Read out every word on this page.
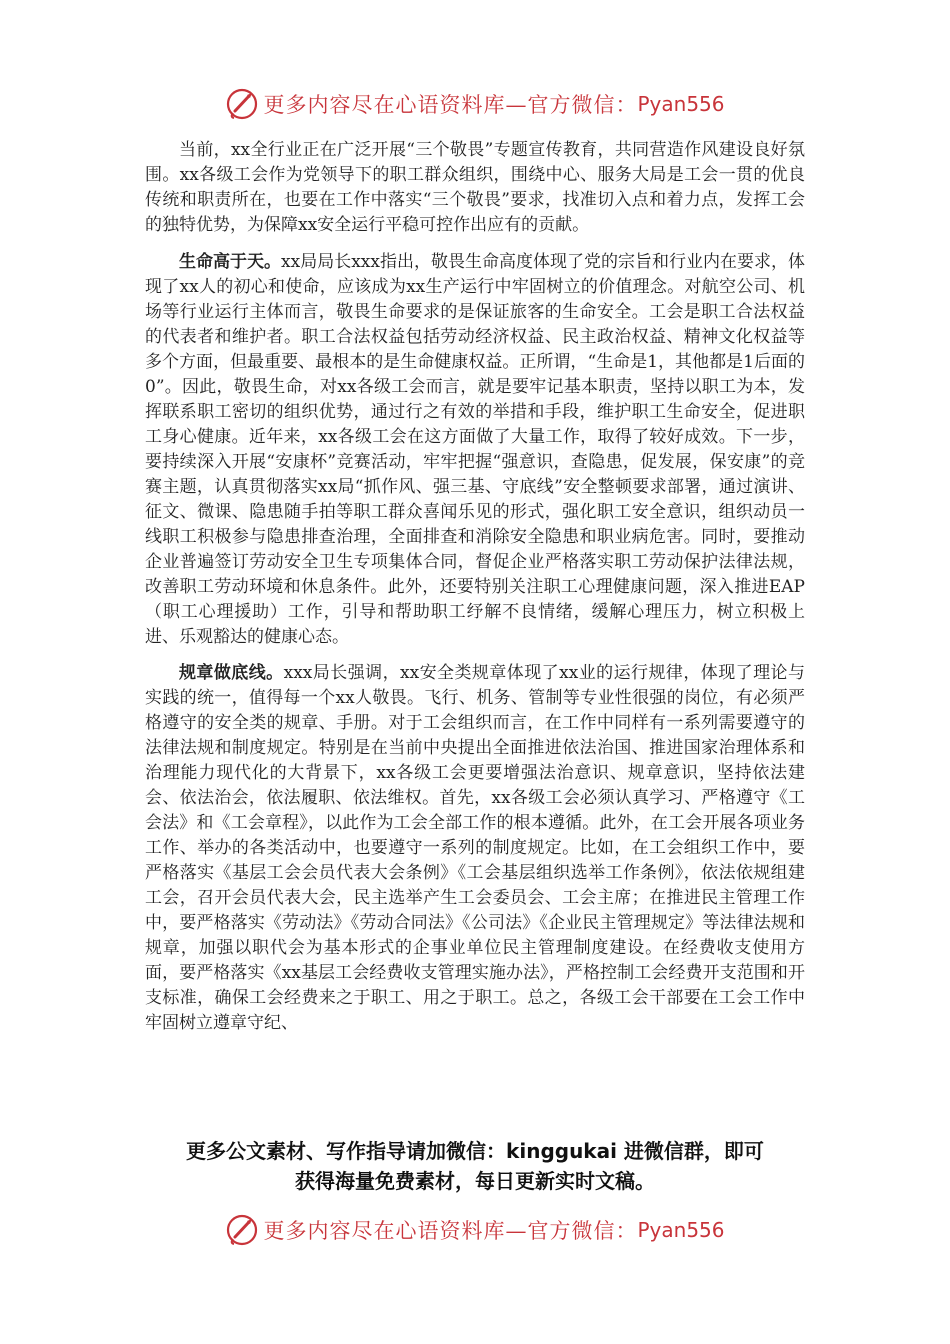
更多内容尽在心语资料库—官方微信： Pyan556

当前，xx全行业正在广泛开展“三个敬畏”专题宣传教育，共同营造作风建设良好氛围。xx各级工会作为党领导下的职工群众组织，围绕中心、服务大局是工会一贯的优良传统和职责所在，也要在工作中落实“三个敬畏”要求，找准切入点和着力点，发挥工会的独特优势，为保障xx安全运行平稳可控作出应有的贡献。

生命高于天。xx局局长xxx指出，敬畏生命高度体现了党的宗旨和行业内在要求，体现了xx人的初心和使命，应该成为xx生产运行中牢固树立的价值理念。对航空公司、机场等行业运行主体而言，敬畏生命要求的是保证旅客的生命安全。工会是职工合法权益的代表者和维护者。职工合法权益包括劳动经济权益、民主政治权益、精神文化权益等多个方面，但最重要、最根本的是生命健康权益。正所谓，“生命是1，其他都是1后面的0”。因此，敬畏生命，对xx各级工会而言，就是要牢记基本职责，坚持以职工为本，发挥联系职工密切的组织优势，通过行之有效的举措和手段，维护职工生命安全，促进职工身心健康。近年来，xx各级工会在这方面做了大量工作，取得了较好成效。下一步，要持续深入开展“安康杯”竞赛活动，牢牢把握“强意识，查隐患，促发展，保安康”的竞赛主题，认真贯彻落实xx局“抓作风、强三基、守底线”安全整顿要求部署，通过演讲、征文、微课、隐患随手拍等职工群众喜闻乐见的形式，强化职工安全意识，组织动员一线职工积极参与隐患排查治理，全面排查和消除安全隐患和职业病危害。同时，要推动企业普遍签订劳动安全卫生专项集体合同，督促企业严格落实职工劳动保护法律法规，改善职工劳动环境和休息条件。此外，还要特别关注职工心理健康问题，深入推进EAP（职工心理援助）工作，引导和帮助职工纾解不良情绪，缓解心理压力，树立积极上进、乐观豁达的健康心态。

规章做底线。xxx局长强调，xx安全类规章体现了xx业的运行规律，体现了理论与实践的统一，值得每一个xx人敬畏。飞行、机务、管制等专业性很强的岗位，有必须严格遵守的安全类的规章、手册。对于工会组织而言，在工作中同样有一系列需要遵守的法律法规和制度规定。特别是在当前中央提出全面推进依法治国、推进国家治理体系和治理能力现代化的大背景下，xx各级工会更要增强法治意识、规章意识，坚持依法建会、依法治会，依法履职、依法维权。首先，xx各级工会必须认真学习、严格遵守《工会法》和《工会章程》，以此作为工会全部工作的根本遵循。此外，在工会开展各项业务工作、举办的各类活动中，也要遵守一系列的制度规定。比如，在工会组织工作中，要严格落实《基层工会会员代表大会条例》《工会基层组织选举工作条例》，依法依规组建工会，召开会员代表大会，民主选举产生工会委员会、工会主席；在推进民主管理工作中，要严格落实《劳动法》《劳动合同法》《公司法》《企业民主管理规定》等法律法规和规章，加强以职代会为基本形式的企事业单位民主管理制度建设。在经费收支使用方面，要严格落实《xx基层工会经费收支管理实施办法》，严格控制工会经费开支范围和开支标准，确保工会经费来之于职工、用之于职工。总之，各级工会干部要在工会工作中牢固树立遵章守纪、

更多公文素材、写作指导请加微信：kinggukai 进微信群，即可
获得海量免费素材，每日更新实时文稿。
更多内容尽在心语资料库—官方微信： Pyan556
